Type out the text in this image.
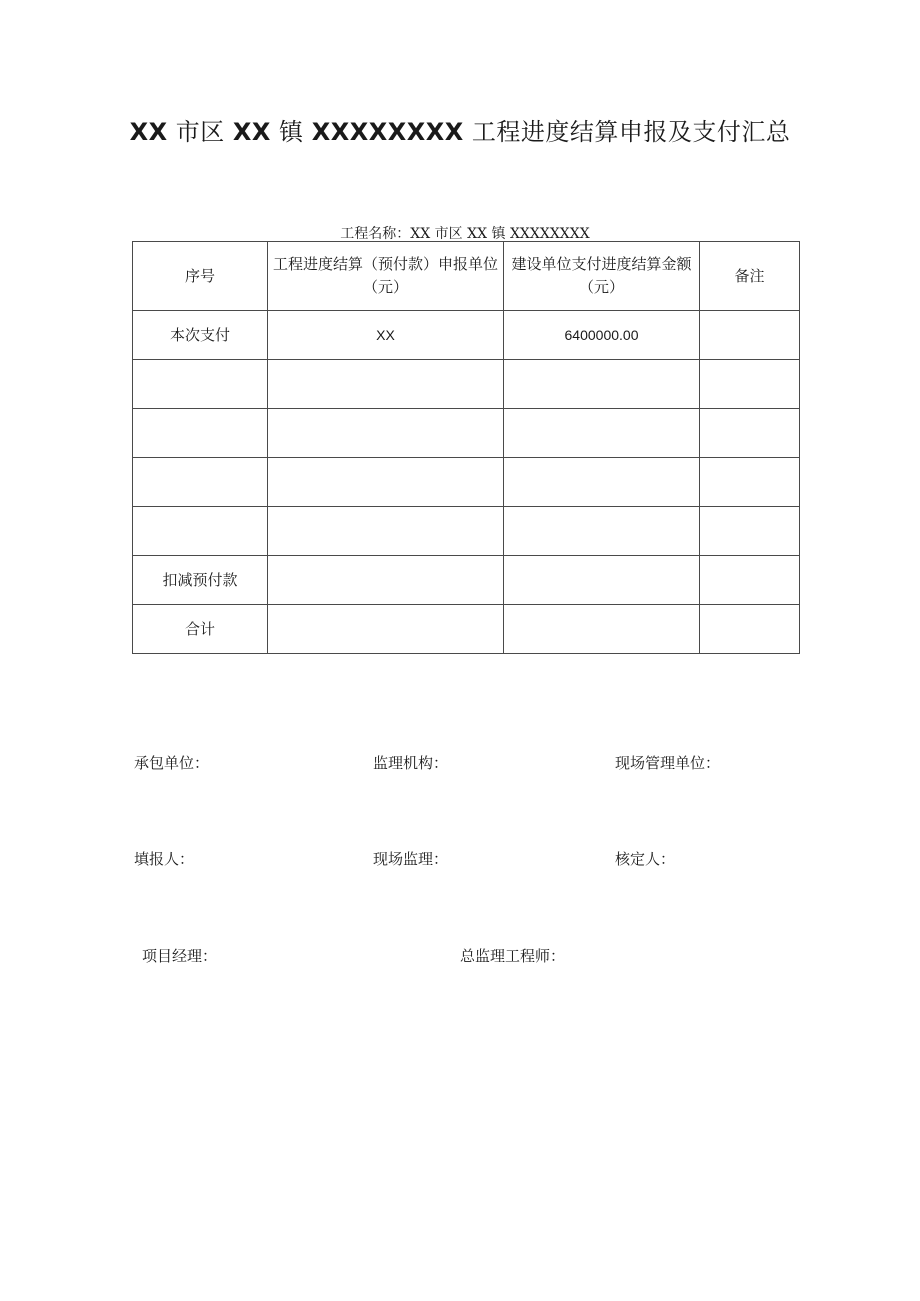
XX 市区 XX 镇 XXXXXXXX 工程进度结算申报及支付汇总
工程名称：XX 市区 XX 镇 XXXXXXXX
序号	工程进度结算（预付款）申报单位（元）	建设单位支付进度结算金额（元）	备注
本次支付	XX	6400000.00	

扣减预付款			
合计			
承包单位：	监理机构：	现场管理单位：
填报人：	现场监理：	核定人：
项目经理：	总监理工程师：
